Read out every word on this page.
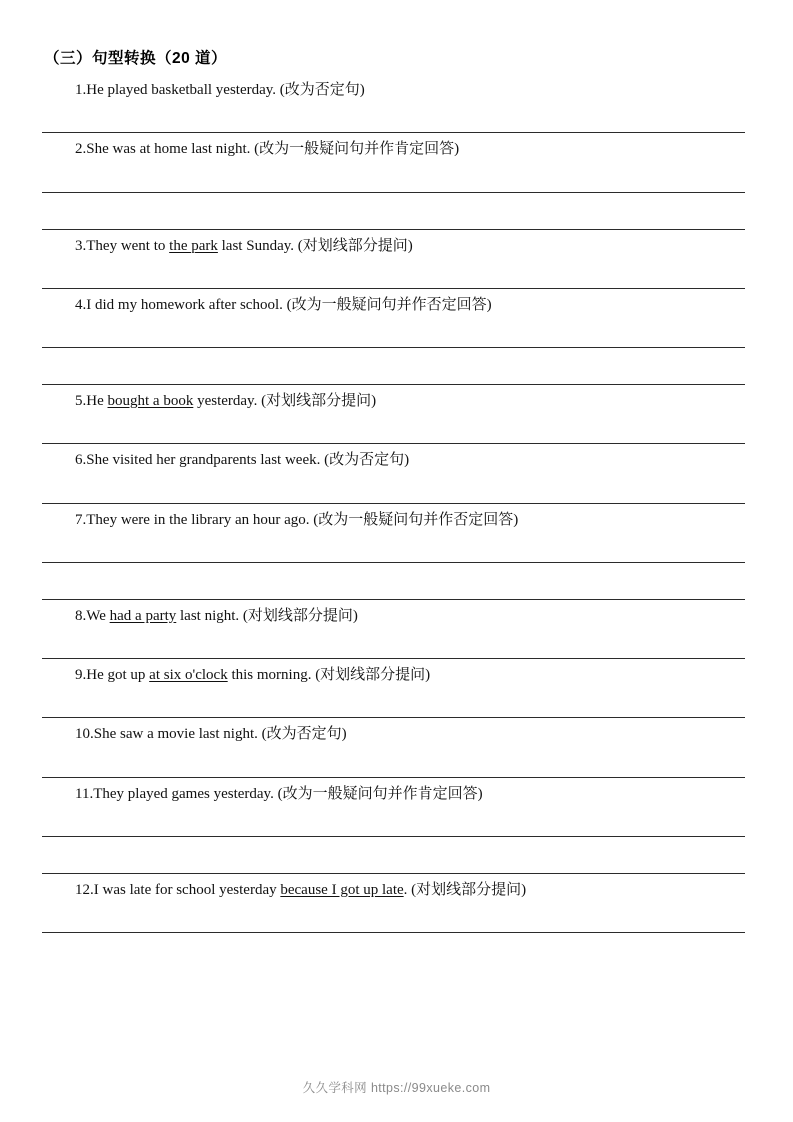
（三）句型转换（20 道）
1.He played basketball yesterday. (改为否定句)
2.She was at home last night. (改为一般疑问句并作肯定回答)
3.They went to the park last Sunday. (对划线部分提问)
4.I did my homework after school. (改为一般疑问句并作否定回答)
5.He bought a book yesterday. (对划线部分提问)
6.She visited her grandparents last week. (改为否定句)
7.They were in the library an hour ago. (改为一般疑问句并作否定回答)
8.We had a party last night. (对划线部分提问)
9.He got up at six o'clock this morning. (对划线部分提问)
10.She saw a movie last night. (改为否定句)
11.They played games yesterday. (改为一般疑问句并作肯定回答)
12.I was late for school yesterday because I got up late. (对划线部分提问)
久久学科网 https://99xueke.com
